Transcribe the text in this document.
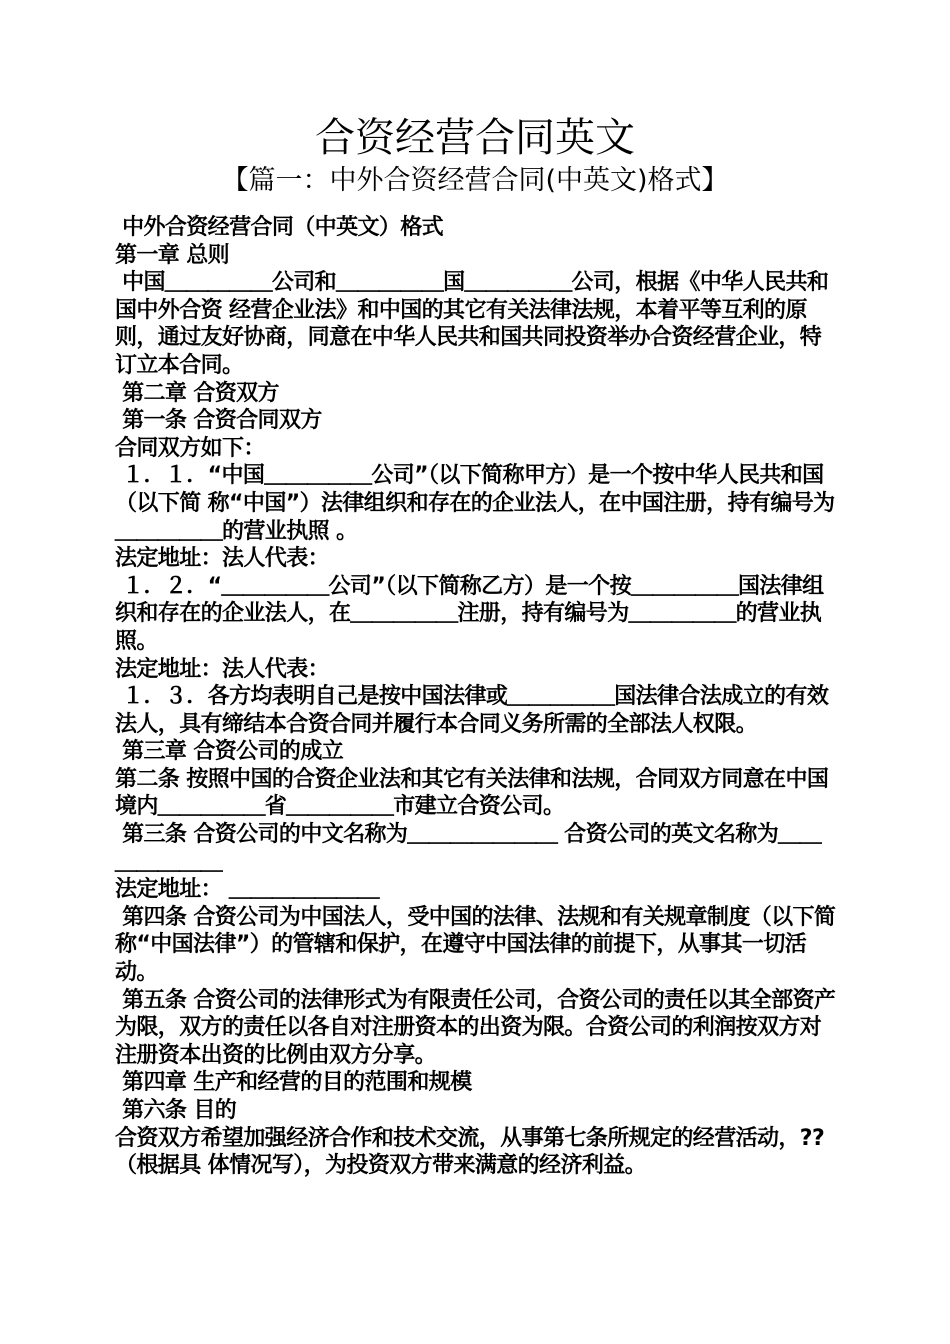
合资经营合同英文
【篇一：中外合资经营合同(中英文)格式】

中外合资经营合同（中英文）格式

第一章 总则

中国＿＿＿＿＿公司和＿＿＿＿＿国＿＿＿＿＿公司，根据《中华人民共和国中外合资 经营企业法》和中国的其它有关法律法规，本着平等互利的原则，通过友好协商，同意在中华人民共和国共同投资举办合资经营企业，特订立本合同。

第二章 合资双方

第一条 合资合同双方

合同双方如下：

１．１．“中国＿＿＿＿＿公司”（以下简称甲方）是一个按中华人民共和国（以下简 称“中国”）法律组织和存在的企业法人，在中国注册，持有编号为＿＿＿＿＿的营业执照 。

法定地址：法人代表：

１．２．“＿＿＿＿＿公司”（以下简称乙方）是一个按＿＿＿＿＿国法律组织和存在的企业法人，在＿＿＿＿＿注册，持有编号为＿＿＿＿＿的营业执照。

法定地址：法人代表：

１．３．各方均表明自己是按中国法律或＿＿＿＿＿国法律合法成立的有效法人，具有缔结本合资合同并履行本合同义务所需的全部法人权限。

第三章 合资公司的成立

第二条 按照中国的合资企业法和其它有关法律和法规，合同双方同意在中国境内＿＿＿＿＿省＿＿＿＿＿市建立合资公司。

第三条 合资公司的中文名称为＿＿＿＿＿＿＿ 合资公司的英文名称为＿＿＿＿＿＿＿

法定地址： ＿＿＿＿＿＿＿

第四条 合资公司为中国法人，受中国的法律、法规和有关规章制度（以下简称“中国法律”）的管辖和保护，在遵守中国法律的前提下，从事其一切活动。

第五条 合资公司的法律形式为有限责任公司，合资公司的责任以其全部资产为限，双方的责任以各自对注册资本的出资为限。合资公司的利润按双方对注册资本出资的比例由双方分享。

第四章 生产和经营的目的范围和规模

第六条 目的

合资双方希望加强经济合作和技术交流，从事第七条所规定的经营活动，??（根据具 体情况写），为投资双方带来满意的经济利益。
